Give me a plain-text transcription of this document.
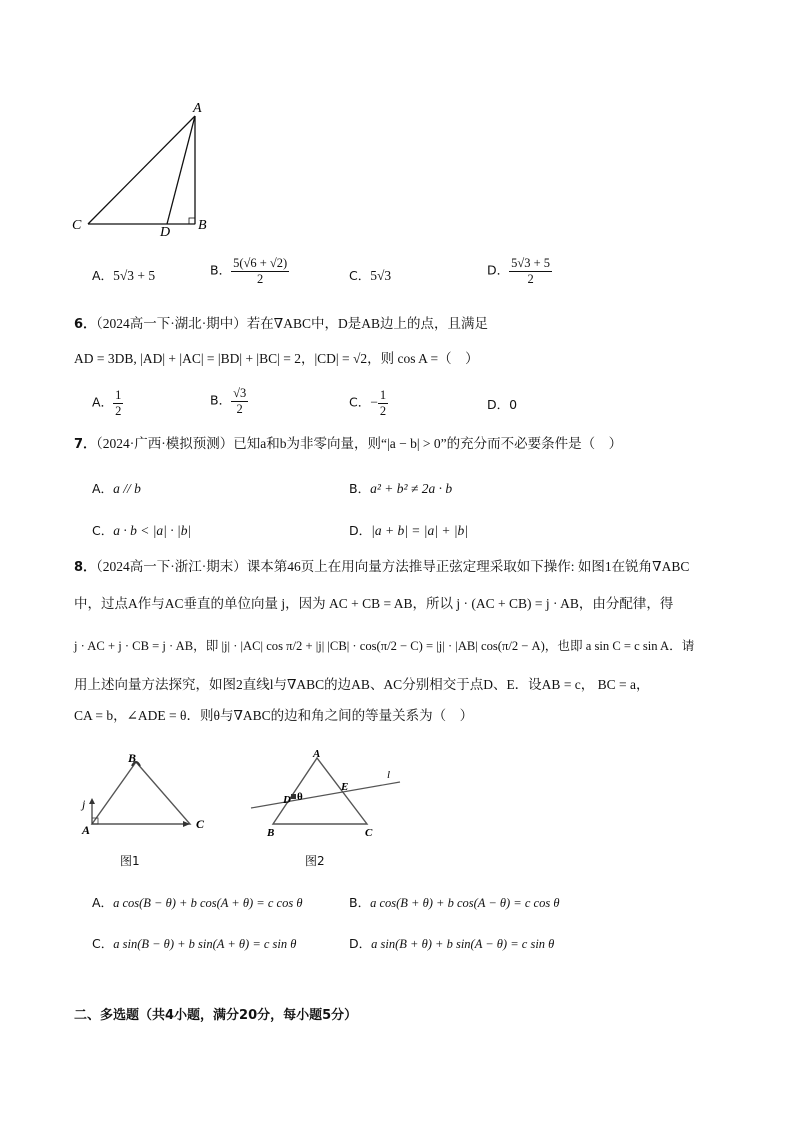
A
C	B
D
A．5√3 + 5	B． $\frac{5(√6 + √2)}{2}$	C．5√3	D． $\frac{5√3 + 5}{2}$
6．（2024高一下·湖北·期中）若在∇ABC中，D是AB边上的点，且满足
AD = 3DB, |AD| + |AC| = |BD| + |BC| = 2，|CD| = √2，则 cos A =（　）
A． $\frac{1}{2}$	B． $\frac{√3}{2}$	C．− $\frac{1}{2}$	D．0
7．（2024·广西·模拟预测）已知a和b为非零向量，则“|a − b| > 0”的充分而不必要条件是（　）
A．a // b	B．a² + b² ≠ 2a · b
C．a · b < |a| · |b|	D．|a + b| = |a| + |b|
8．（2024高一下·浙江·期末）课本第46页上在用向量方法推导正弦定理采取如下操作: 如图1在锐角∇ABC
中，过点A作与AC垂直的单位向量 j，因为 AC + CB = AB，所以 j · (AC + CB) = j · AB，由分配律，得
j · AC + j · CB = j · AB，即 |j| · |AC| cos π/2 + |j| |CB| · cos(π/2 − C) = |j| · |AB| cos(π/2 − A)，也即 a sin C = c sin A．请
用上述向量方法探究，如图2直线l与∇ABC的边AB、AC分别相交于点D、E．设AB = c， BC = a，
CA = b，∠ADE = θ．则θ与∇ABC的边和角之间的等量关系为（　）
B
A	C
j
图1
A
E
l
D θ
B	C
图2
A．a cos(B − θ) + b cos(A + θ) = c cos θ	B．a cos(B + θ) + b cos(A − θ) = c cos θ
C．a sin(B − θ) + b sin(A + θ) = c sin θ	D．a sin(B + θ) + b sin(A − θ) = c sin θ
二、多选题（共4小题，满分20分，每小题5分）
